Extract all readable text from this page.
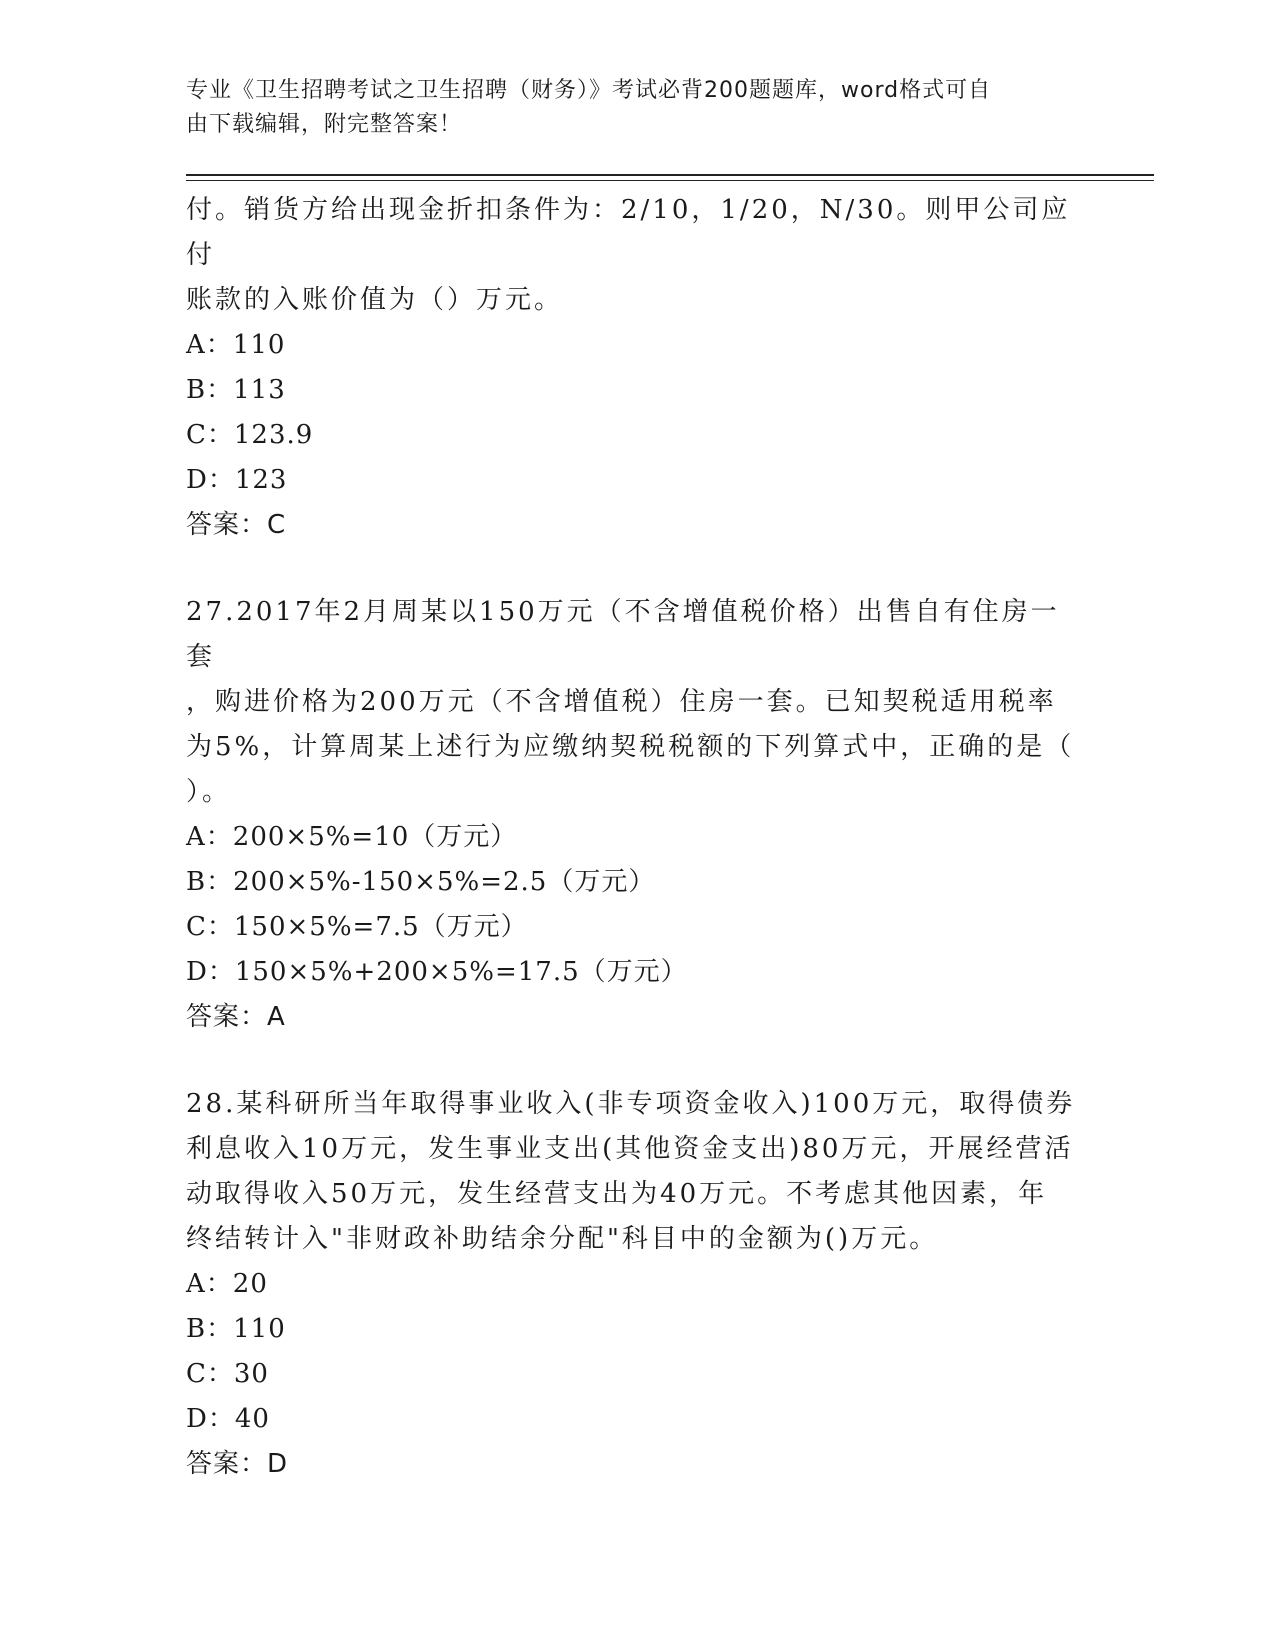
专业《卫生招聘考试之卫生招聘（财务）》考试必背200题题库，word格式可自
由下载编辑，附完整答案！

付。销货方给出现金折扣条件为：2/10，1/20，N/30。则甲公司应付

账款的入账价值为（）万元。

A：110

B：113

C：123.9

D：123

答案：C

27.2017年2月周某以150万元（不含增值税价格）出售自有住房一套

，购进价格为200万元（不含增值税）住房一套。已知契税适用税率

为5%，计算周某上述行为应缴纳契税税额的下列算式中，正确的是（

）。

A：200×5%=10（万元）

B：200×5%-150×5%=2.5（万元）

C：150×5%=7.5（万元）

D：150×5%+200×5%=17.5（万元）

答案：A

28.某科研所当年取得事业收入(非专项资金收入)100万元，取得债券

利息收入10万元，发生事业支出(其他资金支出)80万元，开展经营活

动取得收入50万元，发生经营支出为40万元。不考虑其他因素，年

终结转计入"非财政补助结余分配"科目中的金额为()万元。

A：20

B：110

C：30

D：40

答案：D
